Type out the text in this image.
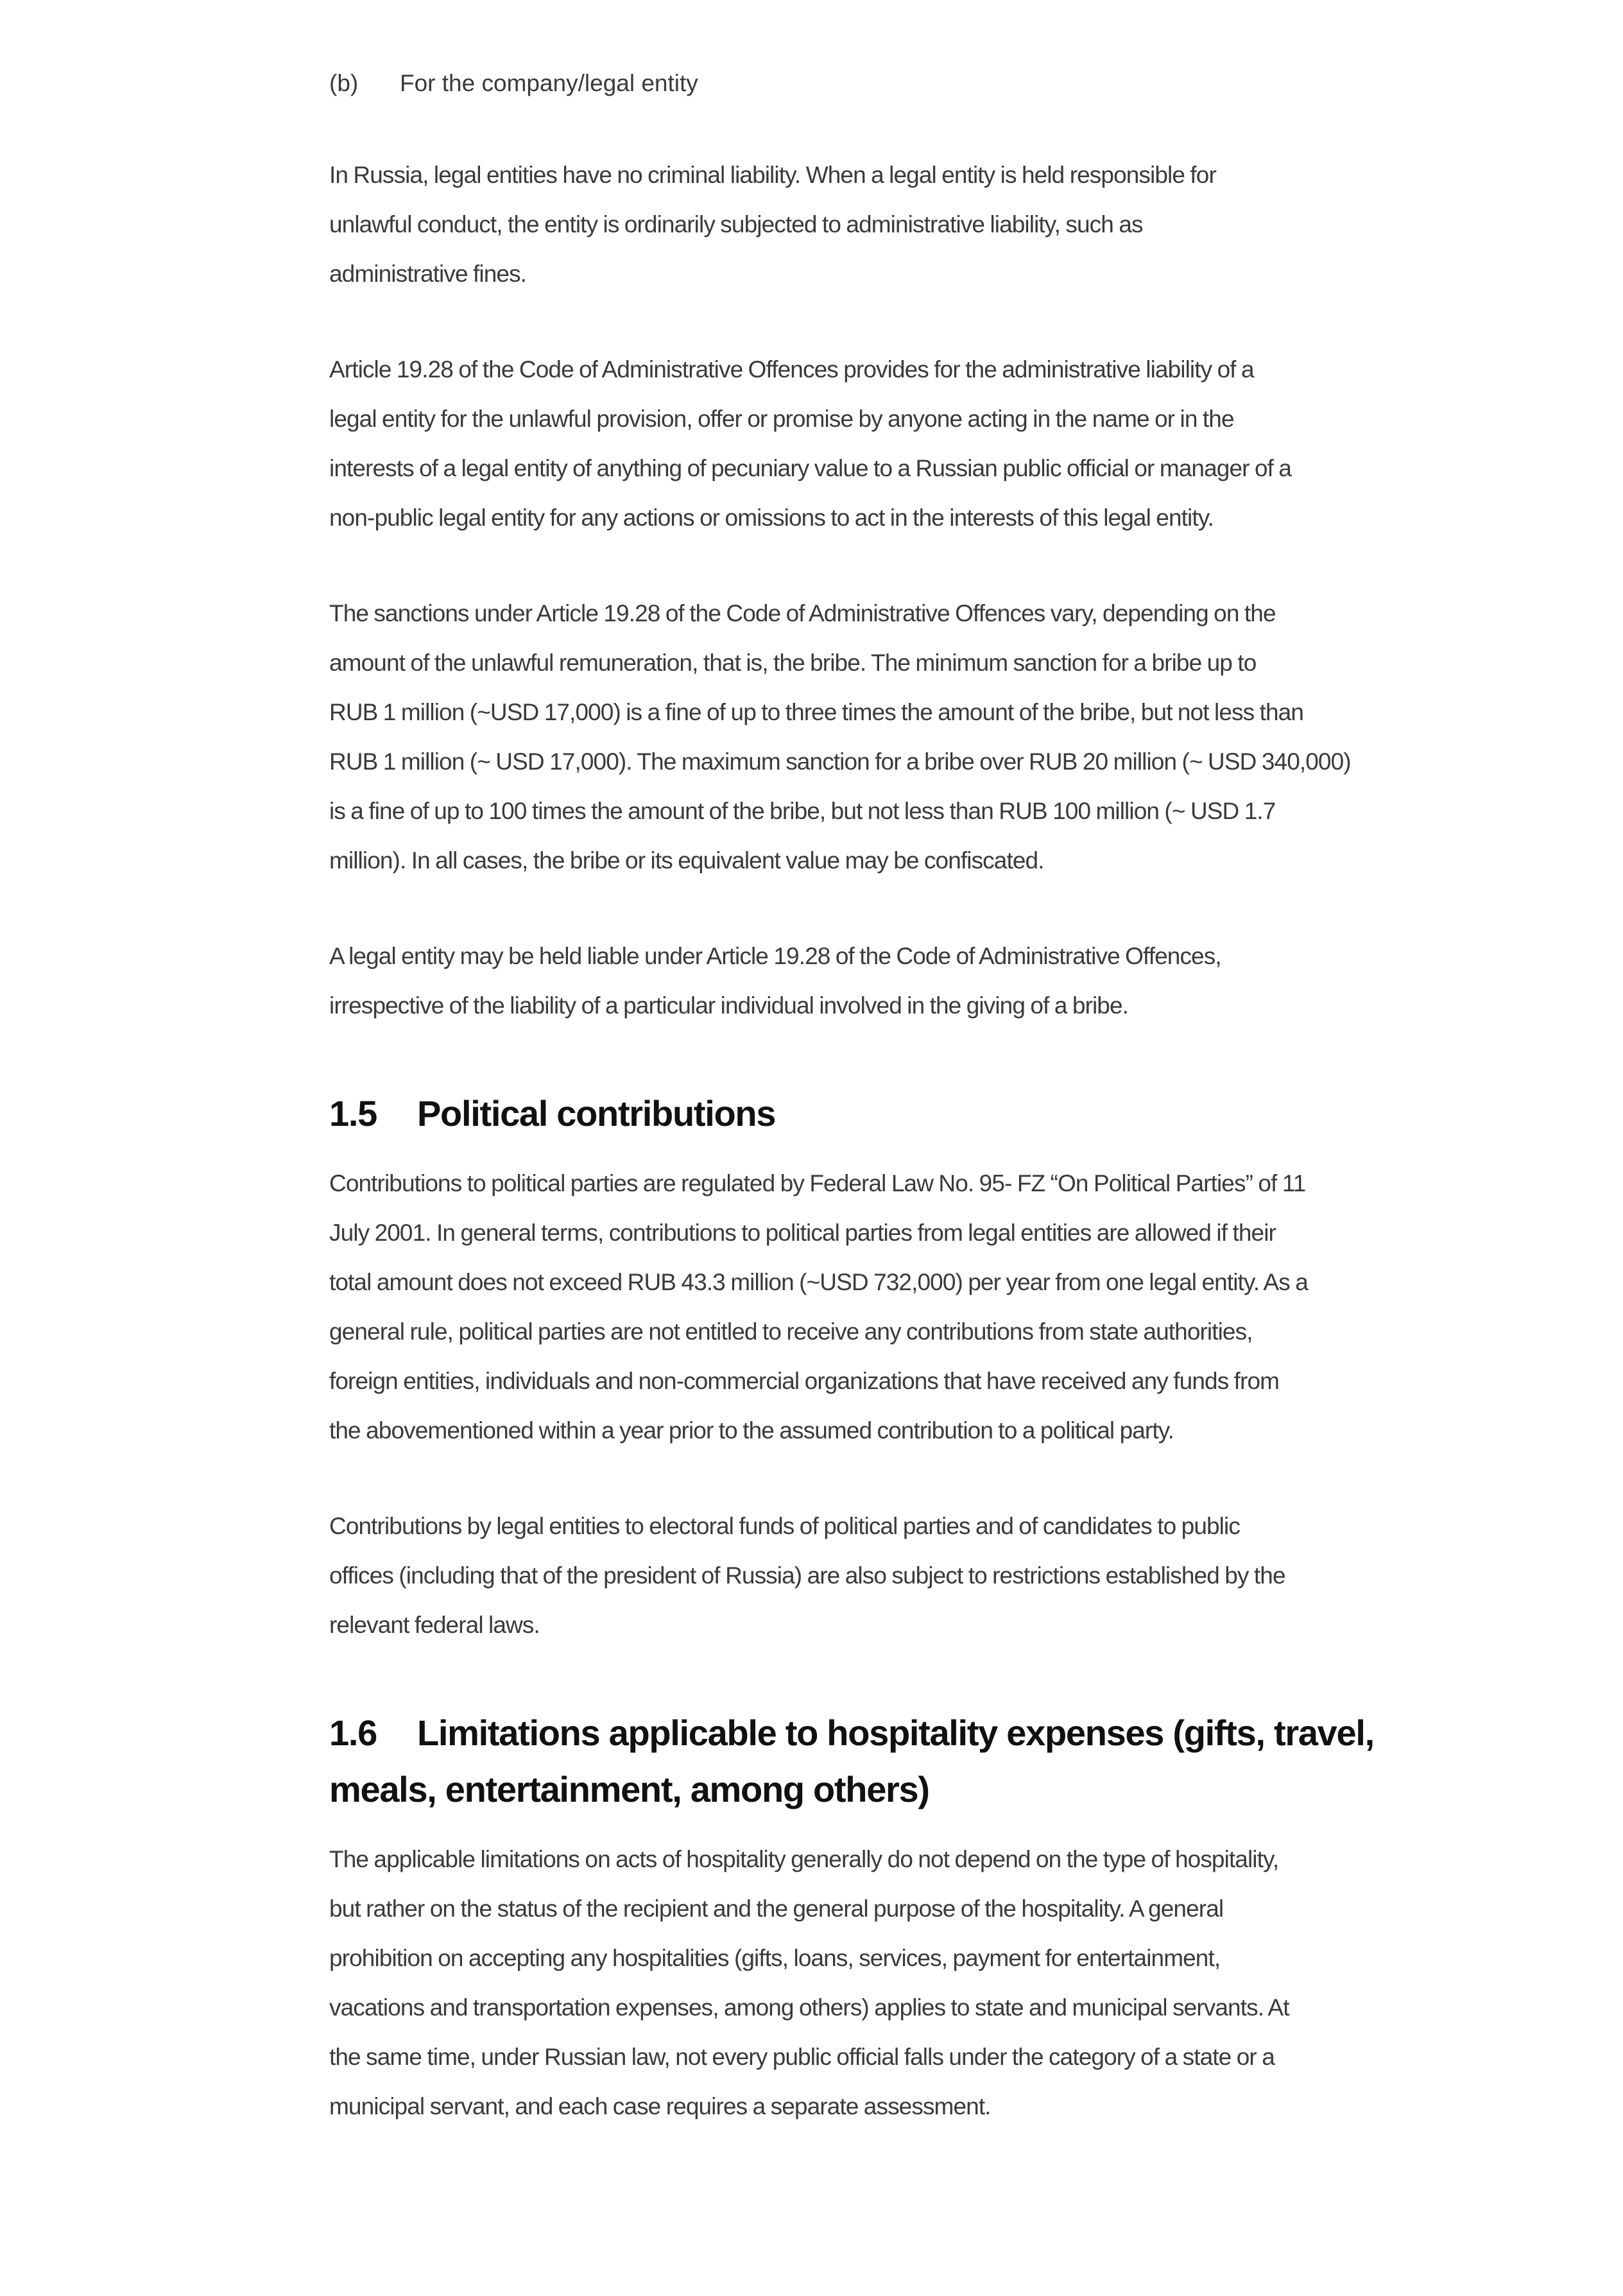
(b)	For the company/legal entity

In Russia, legal entities have no criminal liability. When a legal entity is held responsible for
unlawful conduct, the entity is ordinarily subjected to administrative liability, such as
administrative fines.

Article 19.28 of the Code of Administrative Offences provides for the administrative liability of a
legal entity for the unlawful provision, offer or promise by anyone acting in the name or in the
interests of a legal entity of anything of pecuniary value to a Russian public official or manager of a
non-public legal entity for any actions or omissions to act in the interests of this legal entity.

The sanctions under Article 19.28 of the Code of Administrative Offences vary, depending on the
amount of the unlawful remuneration, that is, the bribe. The minimum sanction for a bribe up to
RUB 1 million (~USD 17,000) is a fine of up to three times the amount of the bribe, but not less than
RUB 1 million (~ USD 17,000). The maximum sanction for a bribe over RUB 20 million (~ USD 340,000)
is a fine of up to 100 times the amount of the bribe, but not less than RUB 100 million (~ USD 1.7
million). In all cases, the bribe or its equivalent value may be confiscated.

A legal entity may be held liable under Article 19.28 of the Code of Administrative Offences,
irrespective of the liability of a particular individual involved in the giving of a bribe.

1.5 Political contributions

Contributions to political parties are regulated by Federal Law No. 95- FZ “On Political Parties” of 11
July 2001. In general terms, contributions to political parties from legal entities are allowed if their
total amount does not exceed RUB 43.3 million (~USD 732,000) per year from one legal entity. As a
general rule, political parties are not entitled to receive any contributions from state authorities,
foreign entities, individuals and non-commercial organizations that have received any funds from
the abovementioned within a year prior to the assumed contribution to a political party.

Contributions by legal entities to electoral funds of political parties and of candidates to public
offices (including that of the president of Russia) are also subject to restrictions established by the
relevant federal laws.

1.6 Limitations applicable to hospitality expenses (gifts, travel,
meals, entertainment, among others)

The applicable limitations on acts of hospitality generally do not depend on the type of hospitality,
but rather on the status of the recipient and the general purpose of the hospitality. A general
prohibition on accepting any hospitalities (gifts, loans, services, payment for entertainment,
vacations and transportation expenses, among others) applies to state and municipal servants. At
the same time, under Russian law, not every public official falls under the category of a state or a
municipal servant, and each case requires a separate assessment.
